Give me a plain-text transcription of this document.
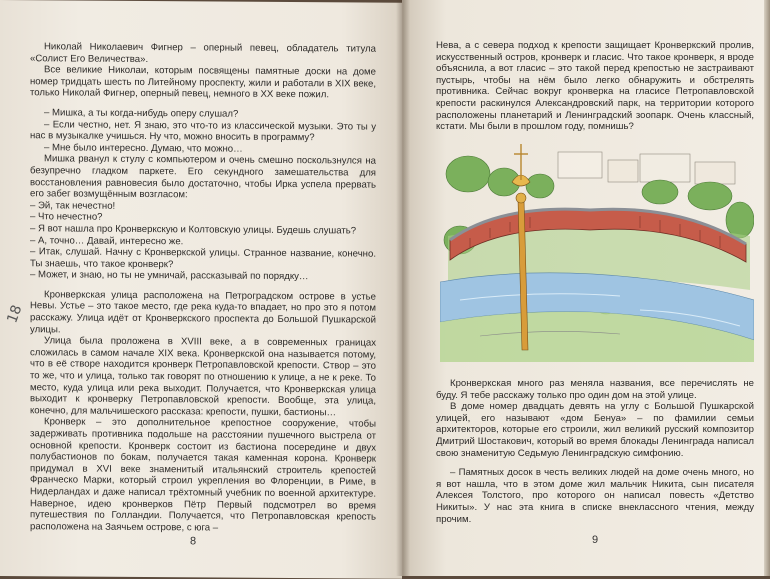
Николай Николаевич Фигнер – оперный певец, обладатель титула «Солист Его Величества».

Все великие Николаи, которым посвящены памятные доски на доме номер тридцать шесть по Литейному проспекту, жили и работали в XIX веке, только Николай Фигнер, оперный певец, немного в XX веке пожил.

– Мишка, а ты когда-нибудь оперу слушал?

– Если честно, нет. Я знаю, это что-то из классической музыки. Это ты у нас в музыкалке учишься. Ну что, можно вносить в программу?

– Мне было интересно. Думаю, что можно…

Мишка рванул к стулу с компьютером и очень смешно поскользнулся на безупречно гладком паркете. Его секундного замешательства для восстановления равновесия было достаточно, чтобы Ирка успела прервать его забег возмущённым возгласом:

– Эй, так нечестно!

– Что нечестно?

– Я вот нашла про Кронверкскую и Колтовскую улицы. Будешь слушать?

– А, точно… Давай, интересно же.

– Итак, слушай. Начну с Кронверкской улицы. Странное название, конечно. Ты знаешь, что такое кронверк?

– Может, и знаю, но ты не умничай, рассказывай по порядку…

Кронверкская улица расположена на Петроградском острове в устье Невы. Устье – это такое место, где река куда-то впадает, но про это я потом расскажу. Улица идёт от Кронверкского проспекта до Большой Пушкарской улицы.

Улица была проложена в XVIII веке, а в современных границах сложилась в самом начале XIX века. Кронверкской она называется потому, что в её створе находится кронверк Петропавловской крепости. Створ – это то же, что и улица, только так говорят по отношению к улице, а не к реке. То место, куда улица или река выходит. Получается, что Кронверкская улица выходит к кронверку Петропавловской крепости. Вообще, эта улица, конечно, для мальчишеского рассказа: крепости, пушки, бастионы…

Кронверк – это дополнительное крепостное сооружение, чтобы задерживать противника подольше на расстоянии пушечного выстрела от основной крепости. Кронверк состоит из бастиона посередине и двух полубастионов по бокам, получается такая каменная корона. Кронверк придумал в XVI веке знаменитый итальянский строитель крепостей Франческо Марки, который строил укрепления во Флоренции, в Риме, в Нидерландах и даже написал трёхтомный учебник по военной архитектуре. Наверное, идею кронверков Пётр Первый подсмотрел во время путешествия по Голландии. Получается, что Петропавловская крепость расположена на Заячьем острове, с юга –

18
8

Нева, а с севера подход к крепости защищает Кронверкский пролив, искусственный остров, кронверк и гласис. Что такое кронверк, я вроде объяснила, а вот гласис – это такой перед крепостью не застраивают пустырь, чтобы на нём было легко обнаружить и обстрелять противника. Сейчас вокруг кронверка на гласисе Петропавловской крепости раскинулся Александровский парк, на территории которого расположены планетарий и Ленинградский зоопарк. Очень классный, кстати. Мы были в прошлом году, помнишь?

Кронверкская много раз меняла названия, все перечислять не буду. Я тебе расскажу только про один дом на этой улице.

В доме номер двадцать девять на углу с Большой Пушкарской улицей, его называют «дом Бенуа» – по фамилии семьи архитекторов, которые его строили, жил великий русский композитор Дмитрий Шостакович, который во время блокады Ленинграда написал свою знаменитую Седьмую Ленинградскую симфонию.

– Памятных досок в честь великих людей на доме очень много, но я вот нашла, что в этом доме жил мальчик Никита, сын писателя Алексея Толстого, про которого он написал повесть «Детство Никиты». У нас эта книга в списке внеклассного чтения, между прочим.

9
